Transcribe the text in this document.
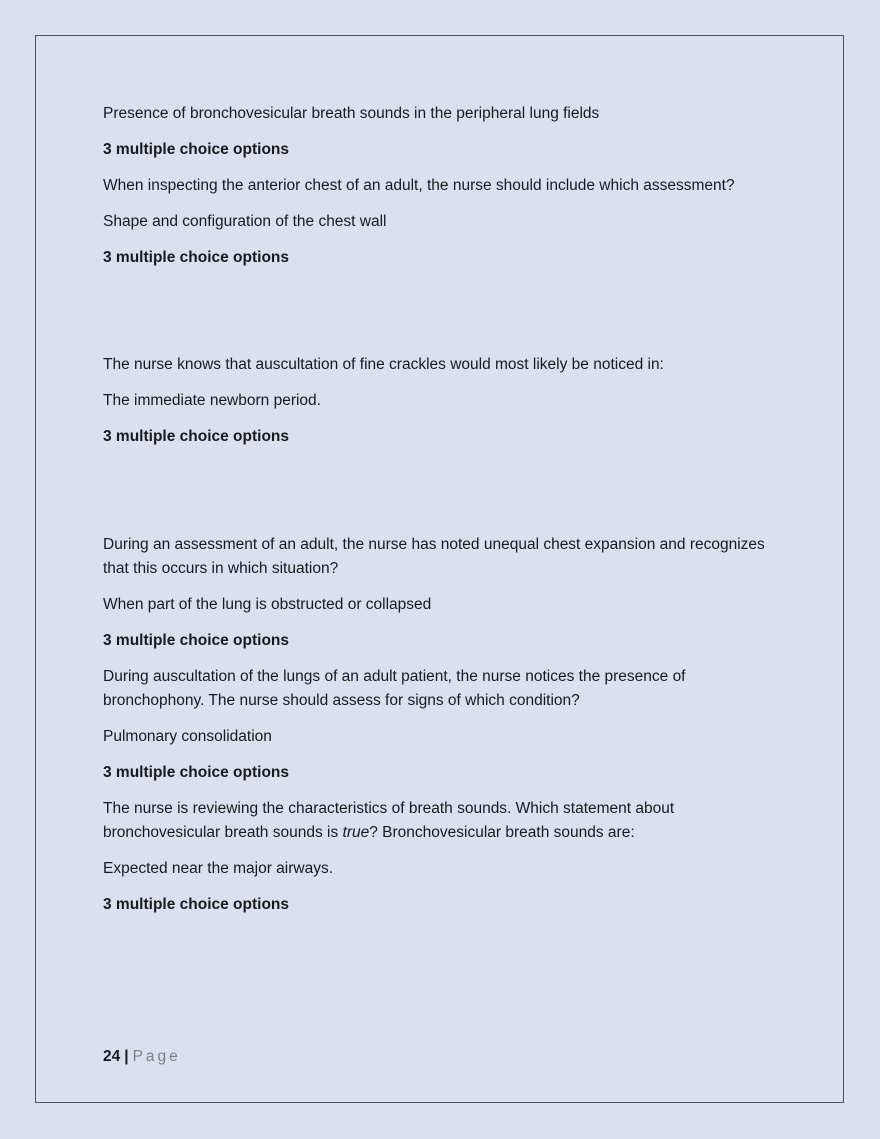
Presence of bronchovesicular breath sounds in the peripheral lung fields

3 multiple choice options

When inspecting the anterior chest of an adult, the nurse should include which assessment?

Shape and configuration of the chest wall

3 multiple choice options

The nurse knows that auscultation of fine crackles would most likely be noticed in:

The immediate newborn period.

3 multiple choice options

During an assessment of an adult, the nurse has noted unequal chest expansion and recognizes that this occurs in which situation?

When part of the lung is obstructed or collapsed

3 multiple choice options

During auscultation of the lungs of an adult patient, the nurse notices the presence of bronchophony. The nurse should assess for signs of which condition?

Pulmonary consolidation

3 multiple choice options

The nurse is reviewing the characteristics of breath sounds. Which statement about bronchovesicular breath sounds is true? Bronchovesicular breath sounds are:

Expected near the major airways.

3 multiple choice options

24 | Page
